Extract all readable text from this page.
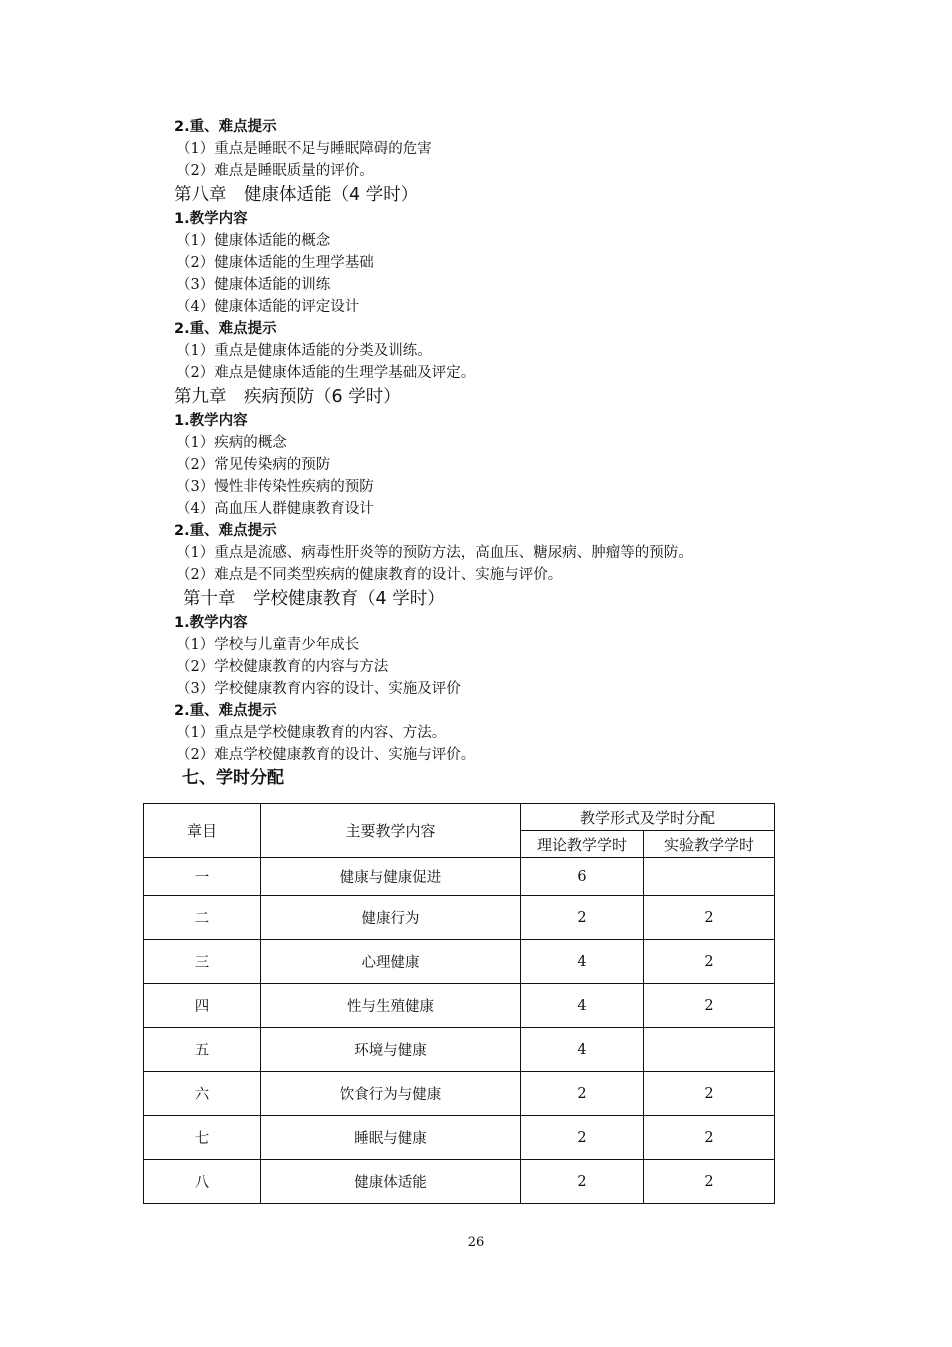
2.重、难点提示
（1）重点是睡眠不足与睡眠障碍的危害
（2）难点是睡眠质量的评价。
第八章　健康体适能（4 学时）
1.教学内容
（1）健康体适能的概念
（2）健康体适能的生理学基础
（3）健康体适能的训练
（4）健康体适能的评定设计
2.重、难点提示
（1）重点是健康体适能的分类及训练。
（2）难点是健康体适能的生理学基础及评定。
第九章　疾病预防（6 学时）
1.教学内容
（1）疾病的概念
（2）常见传染病的预防
（3）慢性非传染性疾病的预防
（4）高血压人群健康教育设计
2.重、难点提示
（1）重点是流感、病毒性肝炎等的预防方法，高血压、糖尿病、肿瘤等的预防。
（2）难点是不同类型疾病的健康教育的设计、实施与评价。
第十章　学校健康教育（4 学时）
1.教学内容
（1）学校与儿童青少年成长
（2）学校健康教育的内容与方法
（3）学校健康教育内容的设计、实施及评价
2.重、难点提示
（1）重点是学校健康教育的内容、方法。
（2）难点学校健康教育的设计、实施与评价。
七、学时分配
章目	主要教学内容	教学形式及学时分配	
		理论教学学时	实验教学学时
一	健康与健康促进	6	
二	健康行为	2	2
三	心理健康	4	2
四	性与生殖健康	4	2
五	环境与健康	4	
六	饮食行为与健康	2	2
七	睡眠与健康	2	2
八	健康体适能	2	2
26
